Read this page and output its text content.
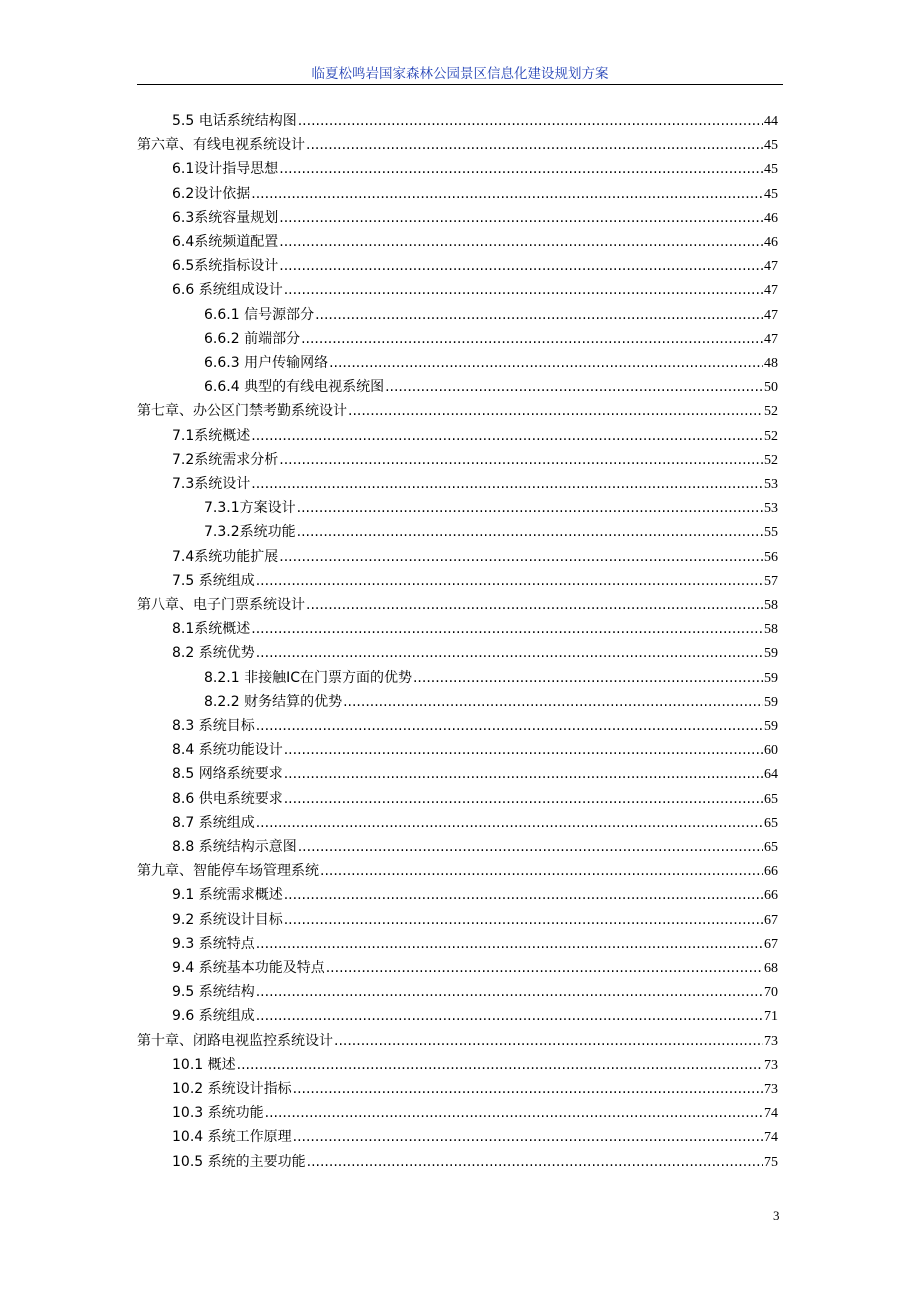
临夏松鸣岩国家森林公园景区信息化建设规划方案
5.5 电话系统结构图 .....	44
第六章、有线电视系统设计 .....	45
6.1设计指导思想 .....	45
6.2设计依据 .....	45
6.3系统容量规划 .....	46
6.4系统频道配置 .....	46
6.5系统指标设计 .....	47
6.6 系统组成设计 .....	47
6.6.1 信号源部分 .....	47
6.6.2 前端部分 .....	47
6.6.3 用户传输网络 .....	48
6.6.4 典型的有线电视系统图 .....	50
第七章、办公区门禁考勤系统设计 .....	52
7.1系统概述 .....	52
7.2系统需求分析 .....	52
7.3系统设计 .....	53
7.3.1方案设计 .....	53
7.3.2系统功能 .....	55
7.4系统功能扩展 .....	56
7.5 系统组成 .....	57
第八章、电子门票系统设计 .....	58
8.1系统概述 .....	58
8.2 系统优势 .....	59
8.2.1 非接触IC在门票方面的优势 .....	59
8.2.2 财务结算的优势 .....	59
8.3 系统目标 .....	59
8.4 系统功能设计 .....	60
8.5 网络系统要求 .....	64
8.6 供电系统要求 .....	65
8.7 系统组成 .....	65
8.8 系统结构示意图 .....	65
第九章、智能停车场管理系统 .....	66
9.1 系统需求概述 .....	66
9.2 系统设计目标 .....	67
9.3 系统特点 .....	67
9.4 系统基本功能及特点 .....	68
9.5 系统结构 .....	70
9.6 系统组成 .....	71
第十章、闭路电视监控系统设计 .....	73
10.1 概述 .....	73
10.2 系统设计指标 .....	73
10.3 系统功能 .....	74
10.4 系统工作原理 .....	74
10.5 系统的主要功能 .....	75
3
